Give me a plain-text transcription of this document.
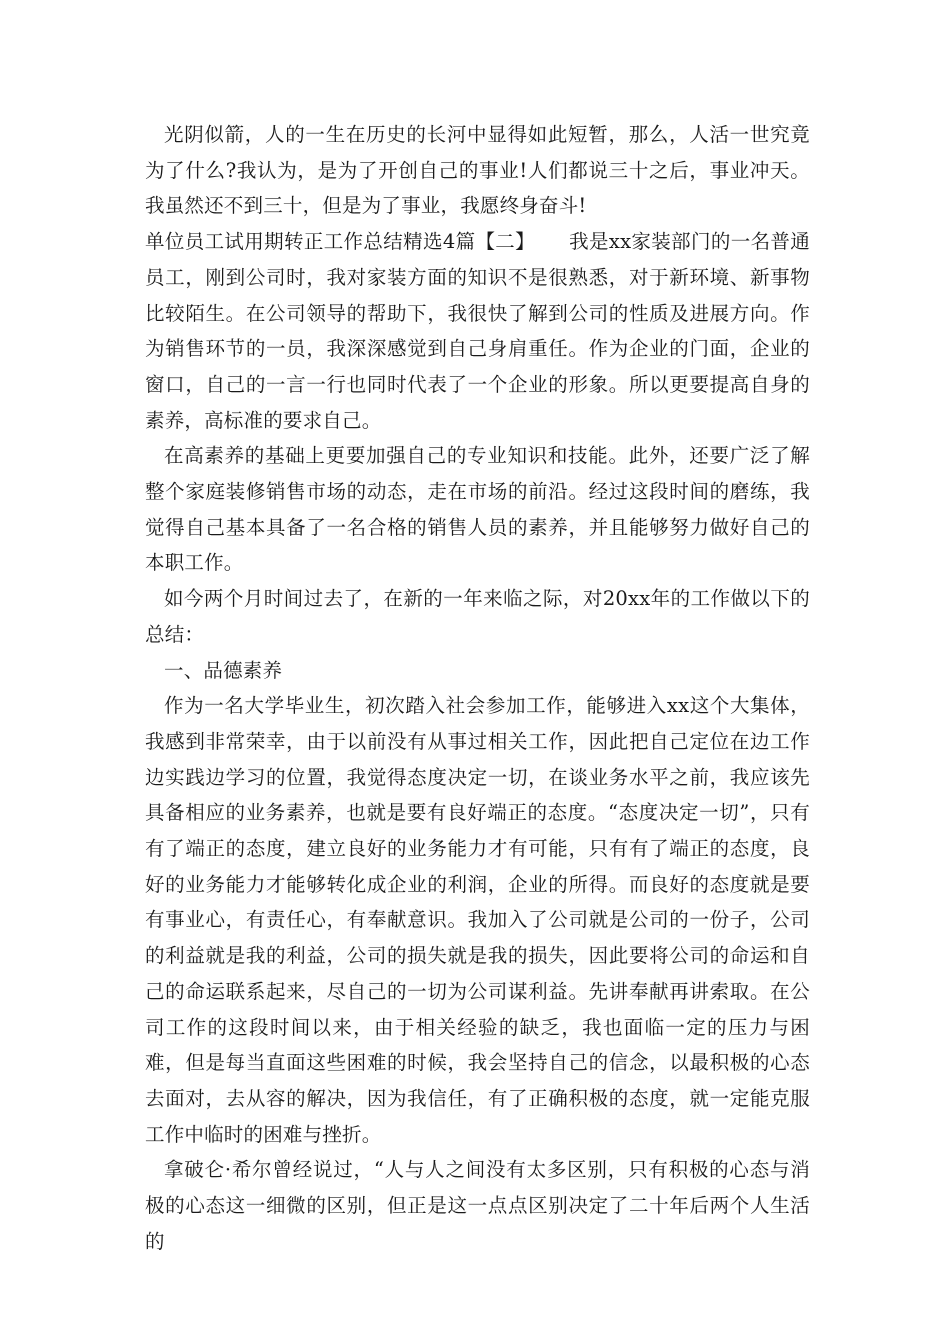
光阴似箭，人的一生在历史的长河中显得如此短暂，那么，人活一世究竟为了什么?我认为，是为了开创自己的事业!人们都说三十之后，事业冲天。我虽然还不到三十，但是为了事业，我愿终身奋斗!

单位员工试用期转正工作总结精选4篇【二】 我是xx家装部门的一名普通员工，刚到公司时，我对家装方面的知识不是很熟悉，对于新环境、新事物比较陌生。在公司领导的帮助下，我很快了解到公司的性质及进展方向。作为销售环节的一员，我深深感觉到自己身肩重任。作为企业的门面，企业的窗口，自己的一言一行也同时代表了一个企业的形象。所以更要提高自身的素养，高标准的要求自己。

在高素养的基础上更要加强自己的专业知识和技能。此外，还要广泛了解整个家庭装修销售市场的动态，走在市场的前沿。经过这段时间的磨练，我觉得自己基本具备了一名合格的销售人员的素养，并且能够努力做好自己的本职工作。

如今两个月时间过去了，在新的一年来临之际，对20xx年的工作做以下的总结：

一、品德素养

作为一名大学毕业生，初次踏入社会参加工作，能够进入xx这个大集体，我感到非常荣幸，由于以前没有从事过相关工作，因此把自己定位在边工作边实践边学习的位置，我觉得态度决定一切，在谈业务水平之前，我应该先具备相应的业务素养，也就是要有良好端正的态度。“态度决定一切”，只有有了端正的态度，建立良好的业务能力才有可能，只有有了端正的态度，良好的业务能力才能够转化成企业的利润，企业的所得。而良好的态度就是要有事业心，有责任心，有奉献意识。我加入了公司就是公司的一份子，公司的利益就是我的利益，公司的损失就是我的损失，因此要将公司的命运和自己的命运联系起来，尽自己的一切为公司谋利益。先讲奉献再讲索取。在公司工作的这段时间以来，由于相关经验的缺乏，我也面临一定的压力与困难，但是每当直面这些困难的时候，我会坚持自己的信念，以最积极的心态去面对，去从容的解决，因为我信任，有了正确积极的态度，就一定能克服工作中临时的困难与挫折。

拿破仑·希尔曾经说过，“人与人之间没有太多区别，只有积极的心态与消极的心态这一细微的区别，但正是这一点点区别决定了二十年后两个人生活的
